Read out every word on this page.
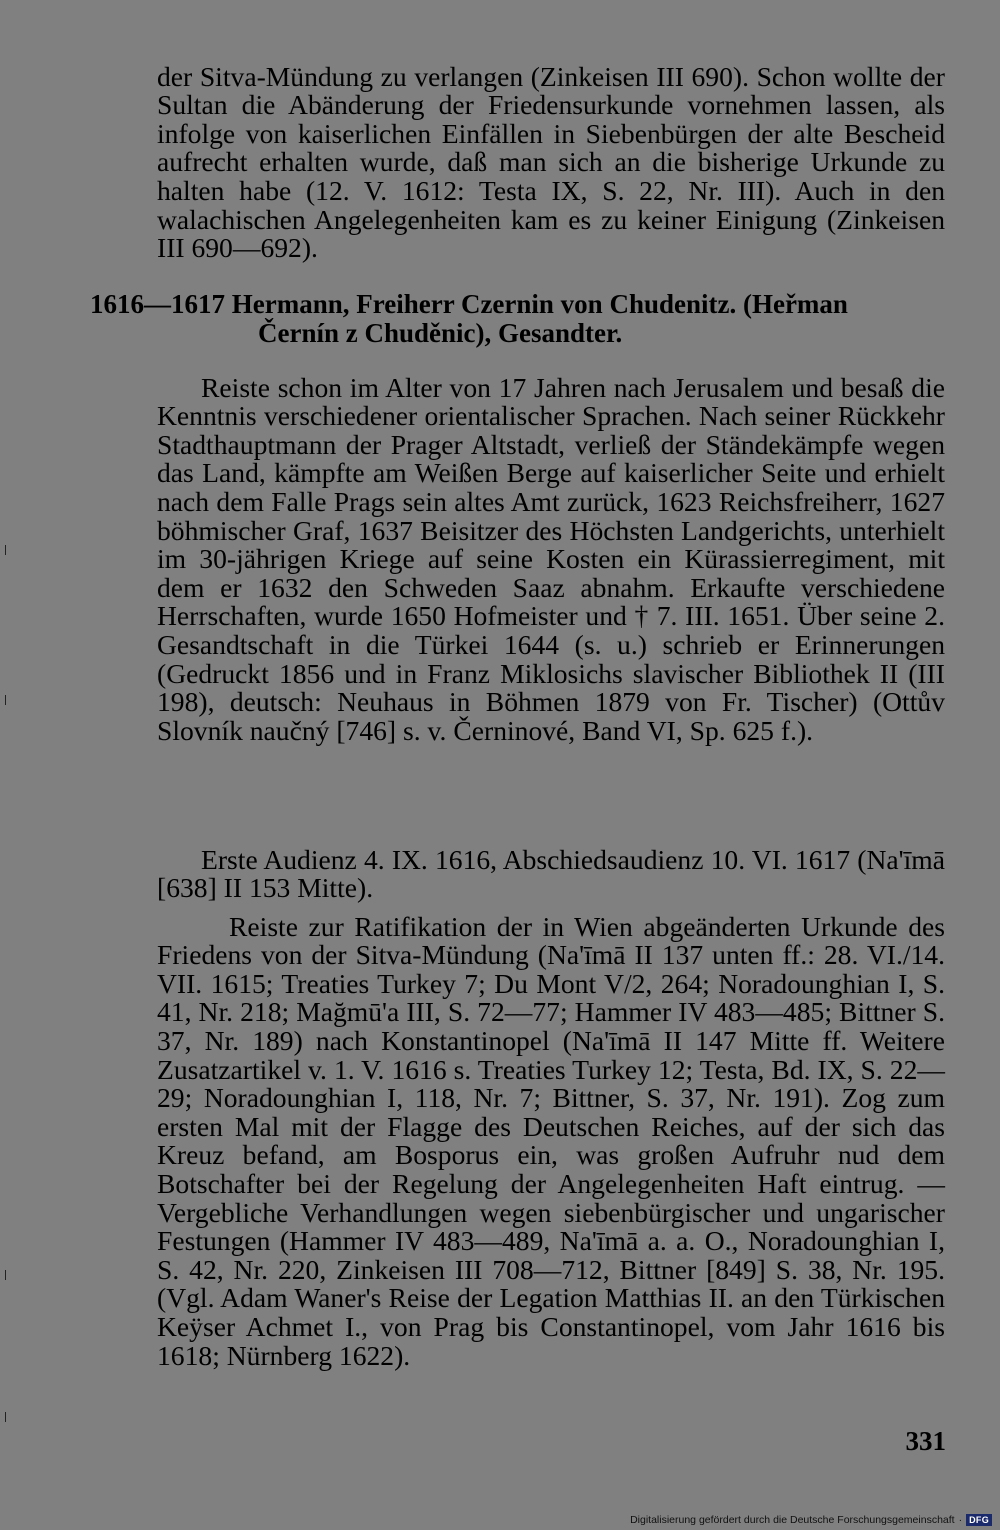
der Sitva-Mündung zu verlangen (Zinkeisen III 690). Schon wollte der Sultan die Abänderung der Friedensurkunde vornehmen lassen, als infolge von kaiserlichen Einfällen in Siebenbürgen der alte Bescheid aufrecht erhalten wurde, daß man sich an die bisherige Urkunde zu halten habe (12. V. 1612: Testa IX, S. 22, Nr. III). Auch in den walachischen Angelegenheiten kam es zu keiner Einigung (Zinkeisen III 690—692).

1616—1617 Hermann, Freiherr Czernin von Chudenitz. (Heřman
Černín z Chuděnic), Gesandter.

Reiste schon im Alter von 17 Jahren nach Jerusalem und besaß die Kenntnis verschiedener orientalischer Sprachen. Nach seiner Rückkehr Stadthauptmann der Prager Altstadt, verließ der Ständekämpfe wegen das Land, kämpfte am Weißen Berge auf kaiserlicher Seite und erhielt nach dem Falle Prags sein altes Amt zurück, 1623 Reichsfreiherr, 1627 böhmischer Graf, 1637 Beisitzer des Höchsten Landgerichts, unterhielt im 30-jährigen Kriege auf seine Kosten ein Kürassierregiment, mit dem er 1632 den Schweden Saaz abnahm. Erkaufte verschiedene Herrschaften, wurde 1650 Hofmeister und † 7. III. 1651. Über seine 2. Gesandtschaft in die Türkei 1644 (s. u.) schrieb er Erinnerungen (Gedruckt 1856 und in Franz Miklosichs slavischer Bibliothek II (III 198), deutsch: Neuhaus in Böhmen 1879 von Fr. Tischer) (Ottův Slovník naučný [746] s. v. Černinové, Band VI, Sp. 625 f.).

Erste Audienz 4. IX. 1616, Abschiedsaudienz 10. VI. 1617 (Na'īmā [638] II 153 Mitte).

Reiste zur Ratifikation der in Wien abgeänderten Urkunde des Friedens von der Sitva-Mündung (Na'īmā II 137 unten ff.: 28. VI./14. VII. 1615; Treaties Turkey 7; Du Mont V/2, 264; Noradounghian I, S. 41, Nr. 218; Mağmū'a III, S. 72—77; Hammer IV 483—485; Bittner S. 37, Nr. 189) nach Konstantinopel (Na'īmā II 147 Mitte ff. Weitere Zusatzartikel v. 1. V. 1616 s. Treaties Turkey 12; Testa, Bd. IX, S. 22—29; Noradounghian I, 118, Nr. 7; Bittner, S. 37, Nr. 191). Zog zum ersten Mal mit der Flagge des Deutschen Reiches, auf der sich das Kreuz befand, am Bosporus ein, was großen Aufruhr nud dem Botschafter bei der Regelung der Angelegenheiten Haft eintrug. — Vergebliche Verhandlungen wegen siebenbürgischer und ungarischer Festungen (Hammer IV 483—489, Na'īmā a. a. O., Noradounghian I, S. 42, Nr. 220, Zinkeisen III 708—712, Bittner [849] S. 38, Nr. 195. (Vgl. Adam Waner's Reise der Legation Matthias II. an den Türkischen Keÿser Achmet I., von Prag bis Constantinopel, vom Jahr 1616 bis 1618; Nürnberg 1622).

331
Digitalisierung gefördert durch die Deutsche Forschungsgemeinschaft · DFG
